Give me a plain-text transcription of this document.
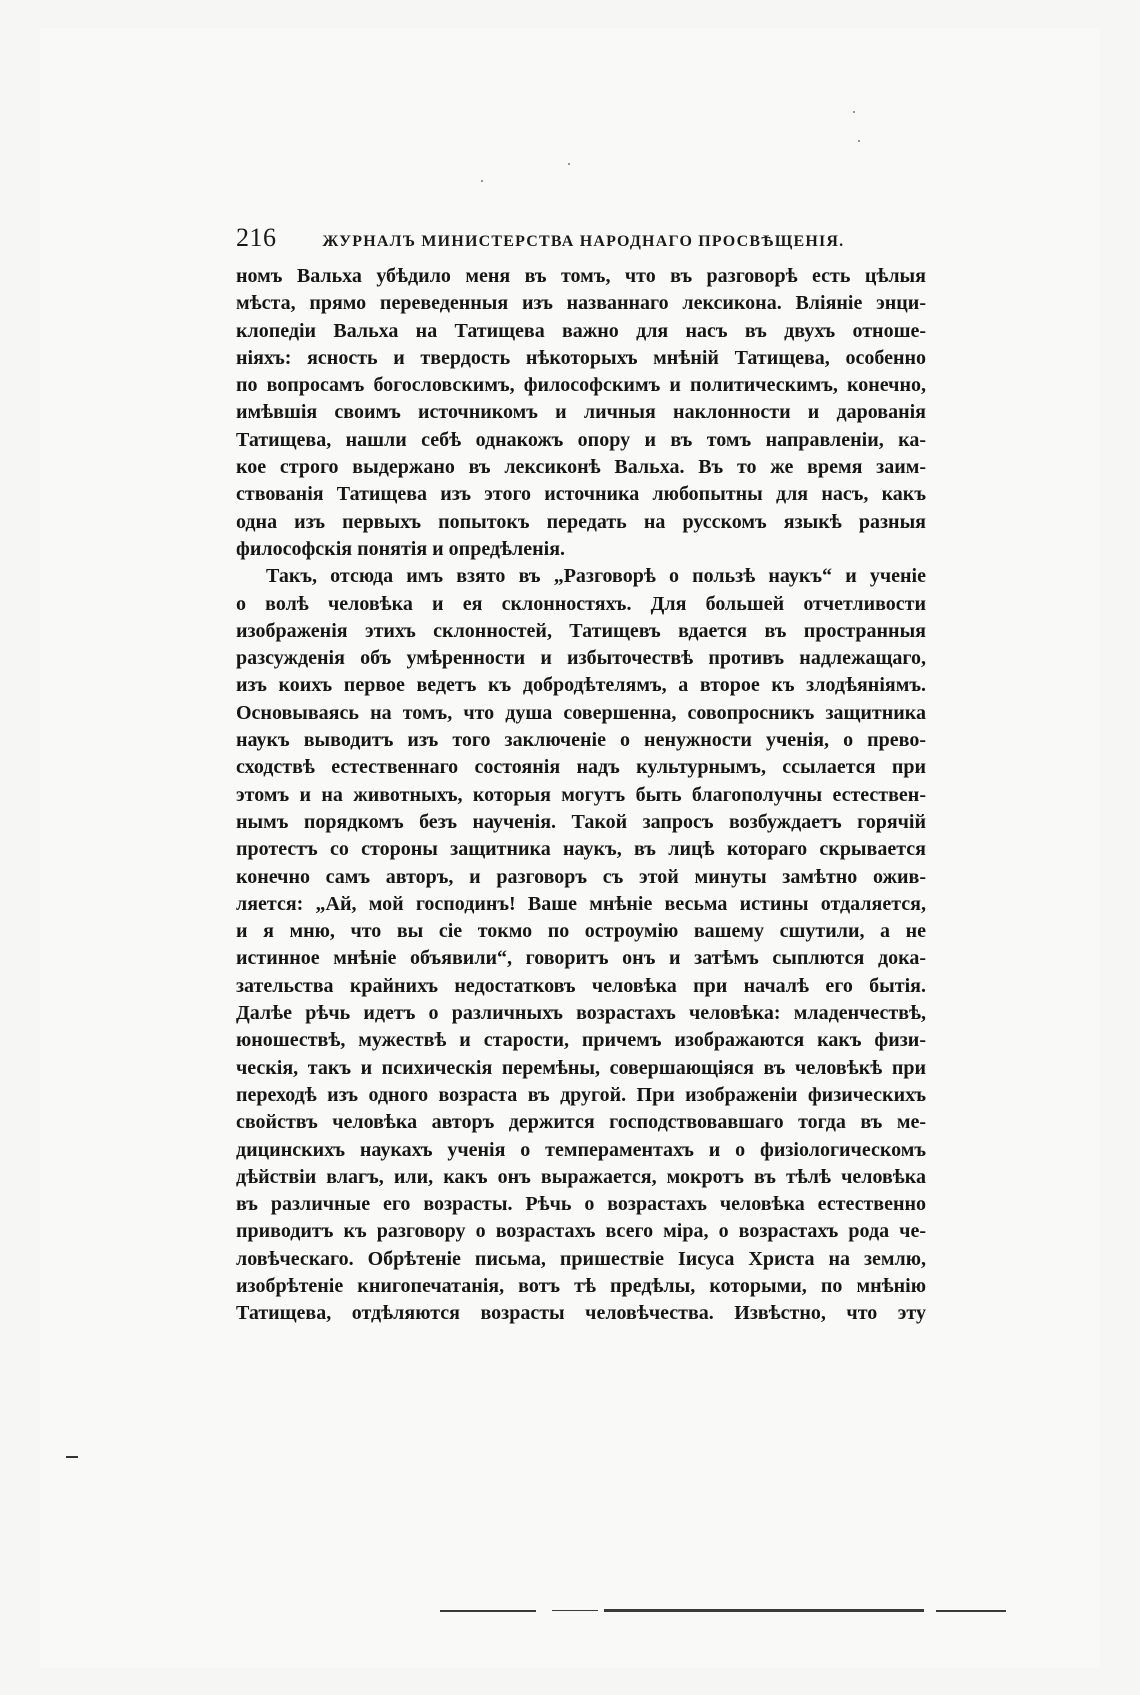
216	ЖУРНАЛЪ МИНИСТЕРСТВА НАРОДНАГО ПРОСВѢЩЕНІЯ.
номъ Вальха убѣдило меня въ томъ, что въ разговорѣ есть цѣлыя
мѣста, прямо переведенныя изъ названнаго лексикона. Вліяніе энци-
клопедіи Вальха на Татищева важно для насъ въ двухъ отноше-
ніяхъ: ясность и твердость нѣкоторыхъ мнѣній Татищева, особенно
по вопросамъ богословскимъ, философскимъ и политическимъ, конечно,
имѣвшія своимъ источникомъ и личныя наклонности и дарованія
Татищева, нашли себѣ однакожъ опору и въ томъ направленіи, ка-
кое строго выдержано въ лексиконѣ Вальха. Въ то же время заим-
ствованія Татищева изъ этого источника любопытны для насъ, какъ
одна изъ первыхъ попытокъ передать на русскомъ языкѣ разныя
философскія понятія и опредѣленія.
Такъ, отсюда имъ взято въ „Разговорѣ о пользѣ наукъ“ и ученіе
о волѣ человѣка и ея склонностяхъ. Для большей отчетливости
изображенія этихъ склонностей, Татищевъ вдается въ пространныя
разсужденія объ умѣренности и избыточествѣ противъ надлежащаго,
изъ коихъ первое ведетъ къ добродѣтелямъ, а второе къ злодѣяніямъ.
Основываясь на томъ, что душа совершенна, совопросникъ защитника
наукъ выводитъ изъ того заключеніе о ненужности ученія, о прево-
сходствѣ естественнаго состоянія надъ культурнымъ, ссылается при
этомъ и на животныхъ, которыя могутъ быть благополучны естествен-
нымъ порядкомъ безъ наученія. Такой запросъ возбуждаетъ горячій
протестъ со стороны защитника наукъ, въ лицѣ котораго скрывается
конечно самъ авторъ, и разговоръ съ этой минуты замѣтно ожив-
ляется: „Ай, мой господинъ! Ваше мнѣніе весьма истины отдаляется,
и я мню, что вы сіе токмо по остроумію вашему сшутили, а не
истинное мнѣніе объявили“, говоритъ онъ и затѣмъ сыплются дока-
зательства крайнихъ недостатковъ человѣка при началѣ его бытія.
Далѣе рѣчь идетъ о различныхъ возрастахъ человѣка: младенчествѣ,
юношествѣ, мужествѣ и старости, причемъ изображаются какъ физи-
ческія, такъ и психическія перемѣны, совершающіяся въ человѣкѣ при
переходѣ изъ одного возраста въ другой. При изображеніи физическихъ
свойствъ человѣка авторъ держится господствовавшаго тогда въ ме-
дицинскихъ наукахъ ученія о темпераментахъ и о физіологическомъ
дѣйствіи влагъ, или, какъ онъ выражается, мокротъ въ тѣлѣ человѣка
въ различные его возрасты. Рѣчь о возрастахъ человѣка естественно
приводитъ къ разговору о возрастахъ всего міра, о возрастахъ рода че-
ловѣческаго. Обрѣтеніе письма, пришествіе Іисуса Христа на землю,
изобрѣтеніе книгопечатанія, вотъ тѣ предѣлы, которыми, по мнѣнію
Татищева, отдѣляются возрасты человѣчества. Извѣстно, что эту
